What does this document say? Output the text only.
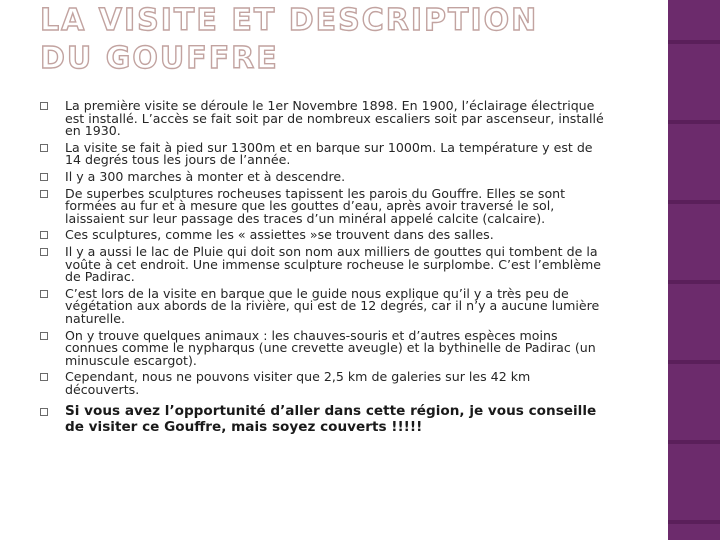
LA VISITE ET DESCRIPTION DU GOUFFRE
La première visite se déroule le 1er Novembre 1898. En 1900, l’éclairage électrique est installé. L’accès se fait soit par de nombreux escaliers soit par ascenseur, installé en 1930.
La visite se fait à pied sur 1300m et en barque sur 1000m. La température y est de 14 degrés tous les jours de l’année.
Il y a 300 marches à monter et à descendre.
De superbes sculptures rocheuses tapissent les parois du Gouffre. Elles se sont formées au fur et à mesure que les gouttes d’eau, après avoir traversé le sol, laissaient sur leur passage des traces d’un minéral appelé calcite (calcaire).
Ces sculptures, comme les « assiettes »se trouvent dans des salles.
Il y a aussi le lac de Pluie qui doit son nom aux milliers de gouttes qui tombent de la voûte à cet endroit. Une immense sculpture rocheuse le surplombe. C’est l’emblème de Padirac.
C’est lors de la visite en barque que le guide nous explique qu’il y a très peu de végétation aux abords de la rivière, qui est de 12 degrés, car il n’y a aucune lumière naturelle.
On y trouve quelques animaux : les chauves-souris et d’autres espèces moins connues comme le nypharqus (une crevette aveugle) et la bythinelle de Padirac (un minuscule escargot).
Cependant, nous ne pouvons visiter que 2,5 km de galeries sur les 42 km découverts.
Si vous avez l’opportunité d’aller dans cette région, je vous conseille de visiter ce Gouffre, mais soyez couverts !!!!!
